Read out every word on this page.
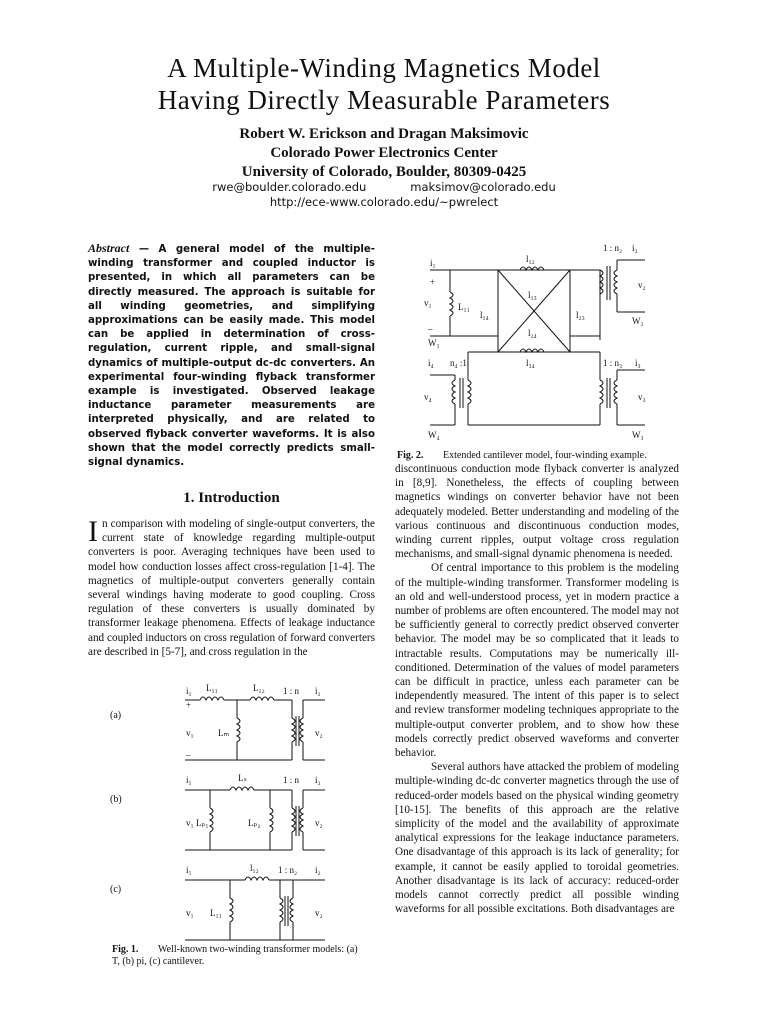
A Multiple-Winding Magnetics Model
Having Directly Measurable Parameters
Robert W. Erickson and Dragan Maksimovic
Colorado Power Electronics Center
University of Colorado, Boulder, 80309-0425
rwe@boulder.colorado.edu	maksimov@colorado.edu
http://ece-www.colorado.edu/~pwrelect
Abstract — A general model of the multiple-winding transformer and coupled inductor is presented, in which all parameters can be directly measured. The approach is suitable for all winding geometries, and simplifying approximations can be easily made. This model can be applied in determination of cross-regulation, current ripple, and small-signal dynamics of multiple-output dc-dc converters. An experimental four-winding flyback transformer example is investigated. Observed leakage inductance parameter measurements are interpreted physically, and are related to observed flyback converter waveforms. It is also shown that the model correctly predicts small-signal dynamics.
1. Introduction
In comparison with modeling of single-output converters, the current state of knowledge regarding multiple-output converters is poor. Averaging techniques have been used to model how conduction losses affect cross-regulation [1-4]. The magnetics of multiple-output converters generally contain several windings having moderate to good coupling. Cross regulation of these converters is usually dominated by transformer leakage phenomena. Effects of leakage inductance and coupled inductors on cross regulation of forward converters are described in [5-7], and cross regulation in the
(a)
(b)
(c)
i₁
+
v₁
–
L₁₁	L₁₂
Lₘ
1 : n i₂
v₂
i₁
v₁
Lₛ
Lₚ₁	Lₚ₂
1 : n i₂
v₂
i₁
v₁
l₁₂
L₁₁
1 : n₂ i₂
v₂
Fig. 1. Well-known two-winding transformer models: (a) T, (b) pi, (c) cantilever.
i₁
+
v₁
–
W₁
L₁₁
l₁₂
l₁₃
l₁₄	l₂₃
l₂₄
l₃₄
1 : n₂ i₂
v₂
W₂
i₄ n₄ :1
v₄
W₄
1 : n₃ i₃
v₃
W₃
Fig. 2. Extended cantilever model, four-winding example.

discontinuous conduction mode flyback converter is analyzed in [8,9]. Nonetheless, the effects of coupling between magnetics windings on converter behavior have not been adequately modeled. Better understanding and modeling of the various continuous and discontinuous conduction modes, winding current ripples, output voltage cross regulation mechanisms, and small-signal dynamic phenomena is needed.

Of central importance to this problem is the modeling of the multiple-winding transformer. Transformer modeling is an old and well-understood process, yet in modern practice a number of problems are often encountered. The model may not be sufficiently general to correctly predict observed converter behavior. The model may be so complicated that it leads to intractable results. Computations may be numerically ill-conditioned. Determination of the values of model parameters can be difficult in practice, unless each parameter can be independently measured. The intent of this paper is to select and review transformer modeling techniques appropriate to the multiple-output converter problem, and to show how these models correctly predict observed waveforms and converter behavior.

Several authors have attacked the problem of modeling multiple-winding dc-dc converter magnetics through the use of reduced-order models based on the physical winding geometry [10-15]. The benefits of this approach are the relative simplicity of the model and the availability of approximate analytical expressions for the leakage inductance parameters. One disadvantage of this approach is its lack of generality; for example, it cannot be easily applied to toroidal geometries. Another disadvantage is its lack of accuracy: reduced-order models cannot correctly predict all possible winding waveforms for all possible excitations. Both disadvantages are
